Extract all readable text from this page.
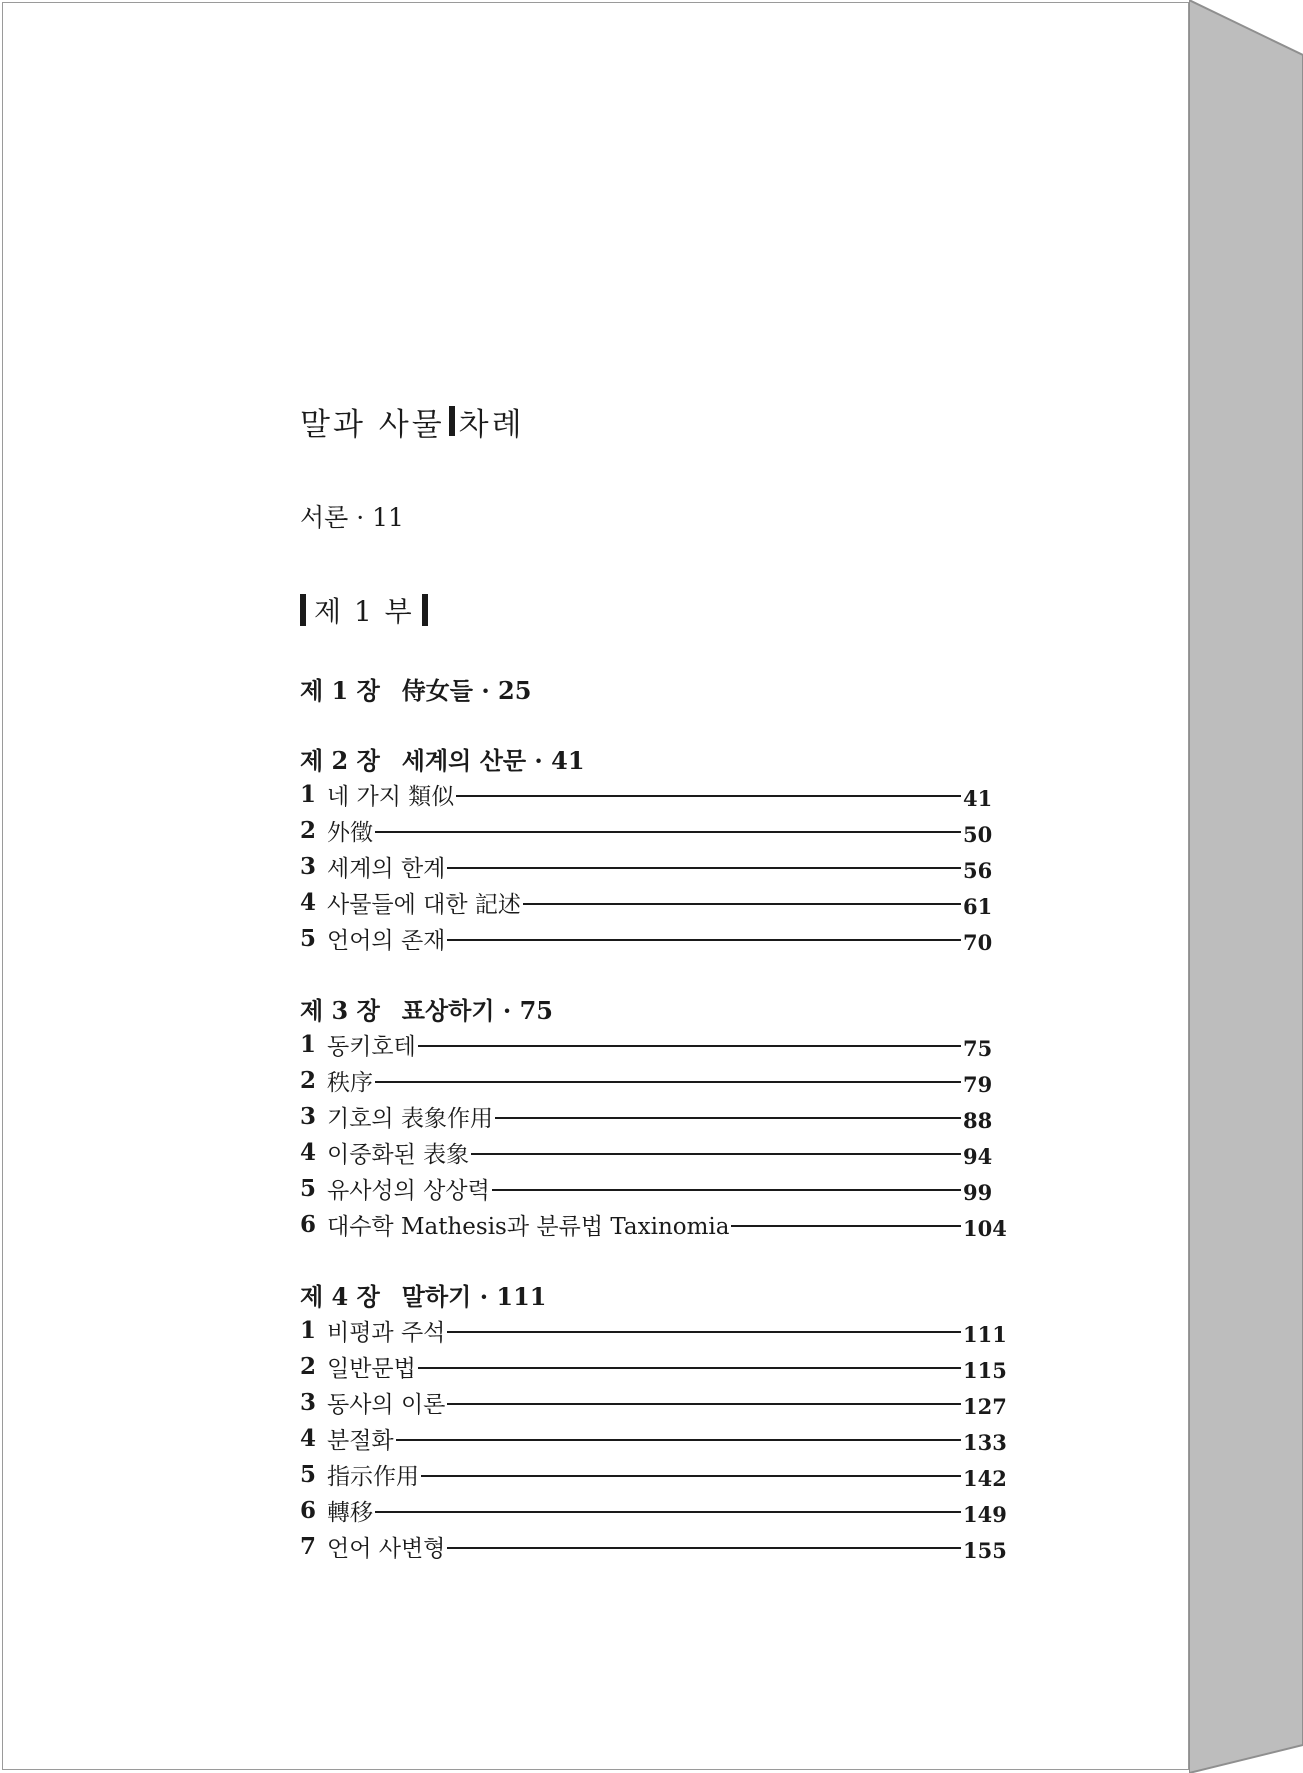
말과 사물 차례
서론 · 11
제 1 부
제 1 장 侍女들 · 25
제 2 장 세계의 산문 · 41
1 네 가지 類似	41
2 外徵	50
3 세계의 한계	56
4 사물들에 대한 記述	61
5 언어의 존재	70
제 3 장 표상하기 · 75
1 동키호테	75
2 秩序	79
3 기호의 表象作用	88
4 이중화된 表象	94
5 유사성의 상상력	99
6 대수학 Mathesis과 분류법 Taxinomia	104
제 4 장 말하기 · 111
1 비평과 주석	111
2 일반문법	115
3 동사의 이론	127
4 분절화	133
5 指示作用	142
6 轉移	149
7 언어 사변형	155
